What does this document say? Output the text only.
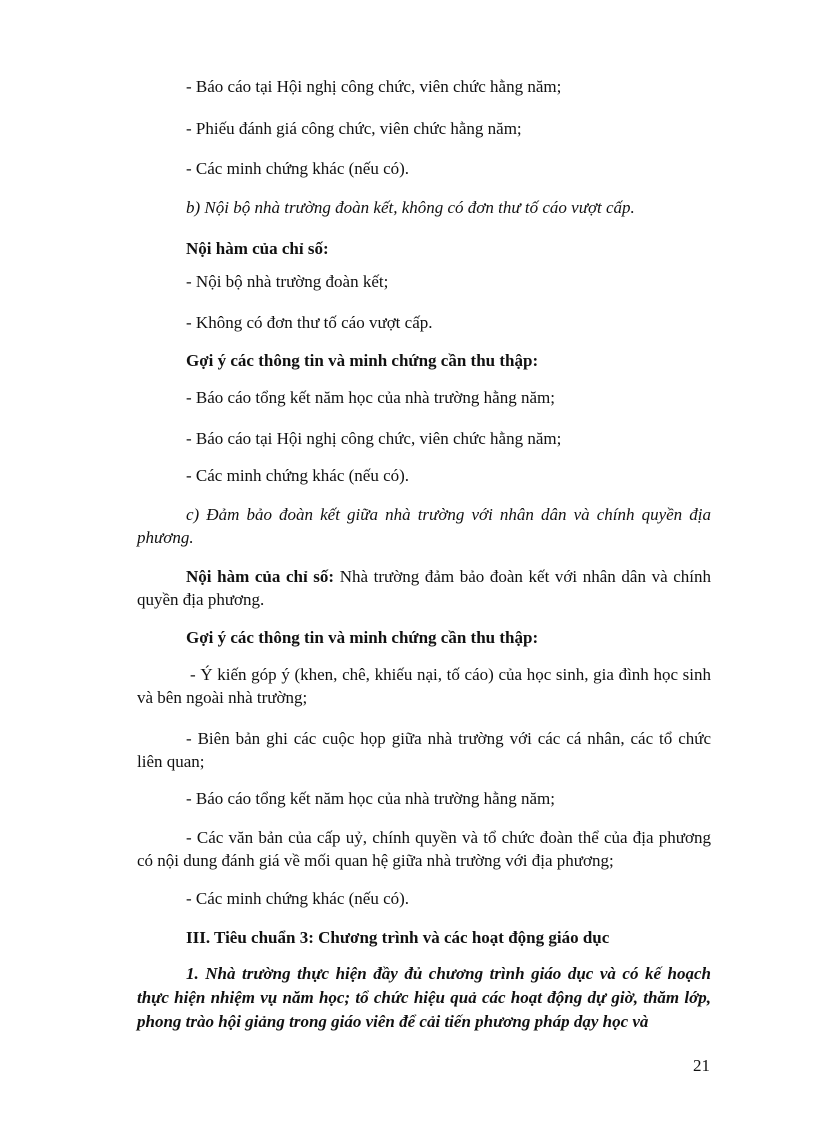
- Báo cáo tại Hội nghị công chức, viên chức hằng năm;
- Phiếu đánh giá công chức, viên chức hằng năm;
- Các minh chứng khác (nếu có).
b) Nội bộ nhà trường đoàn kết, không có đơn thư tố cáo vượt cấp.
Nội hàm của chỉ số:
- Nội bộ nhà trường đoàn kết;
- Không có đơn thư tố cáo vượt cấp.
Gợi ý các thông tin và minh chứng cần thu thập:
- Báo cáo tổng kết năm học của nhà trường hằng năm;
- Báo cáo tại Hội nghị công chức, viên chức hằng năm;
- Các minh chứng khác (nếu có).
c) Đảm bảo đoàn kết giữa nhà trường với nhân dân và chính quyền địa phương.
Nội hàm của chỉ số: Nhà trường đảm bảo đoàn kết với nhân dân và chính quyền địa phương.
Gợi ý các thông tin và minh chứng cần thu thập:
- Ý kiến góp ý (khen, chê, khiếu nại, tố cáo) của học sinh, gia đình học sinh và bên ngoài nhà trường;
- Biên bản ghi các cuộc họp giữa nhà trường với các cá nhân, các tổ chức liên quan;
- Báo cáo tổng kết năm học của nhà trường hằng năm;
- Các văn bản của cấp uỷ, chính quyền và tổ chức đoàn thể của địa phương có nội dung đánh giá về mối quan hệ giữa nhà trường với địa phương;
- Các minh chứng khác (nếu có).
III. Tiêu chuẩn 3: Chương trình và các hoạt động giáo dục
1. Nhà trường thực hiện đầy đủ chương trình giáo dục và có kế hoạch thực hiện nhiệm vụ năm học; tổ chức hiệu quả các hoạt động dự giờ, thăm lớp, phong trào hội giảng trong giáo viên để cải tiến phương pháp dạy học và
21
